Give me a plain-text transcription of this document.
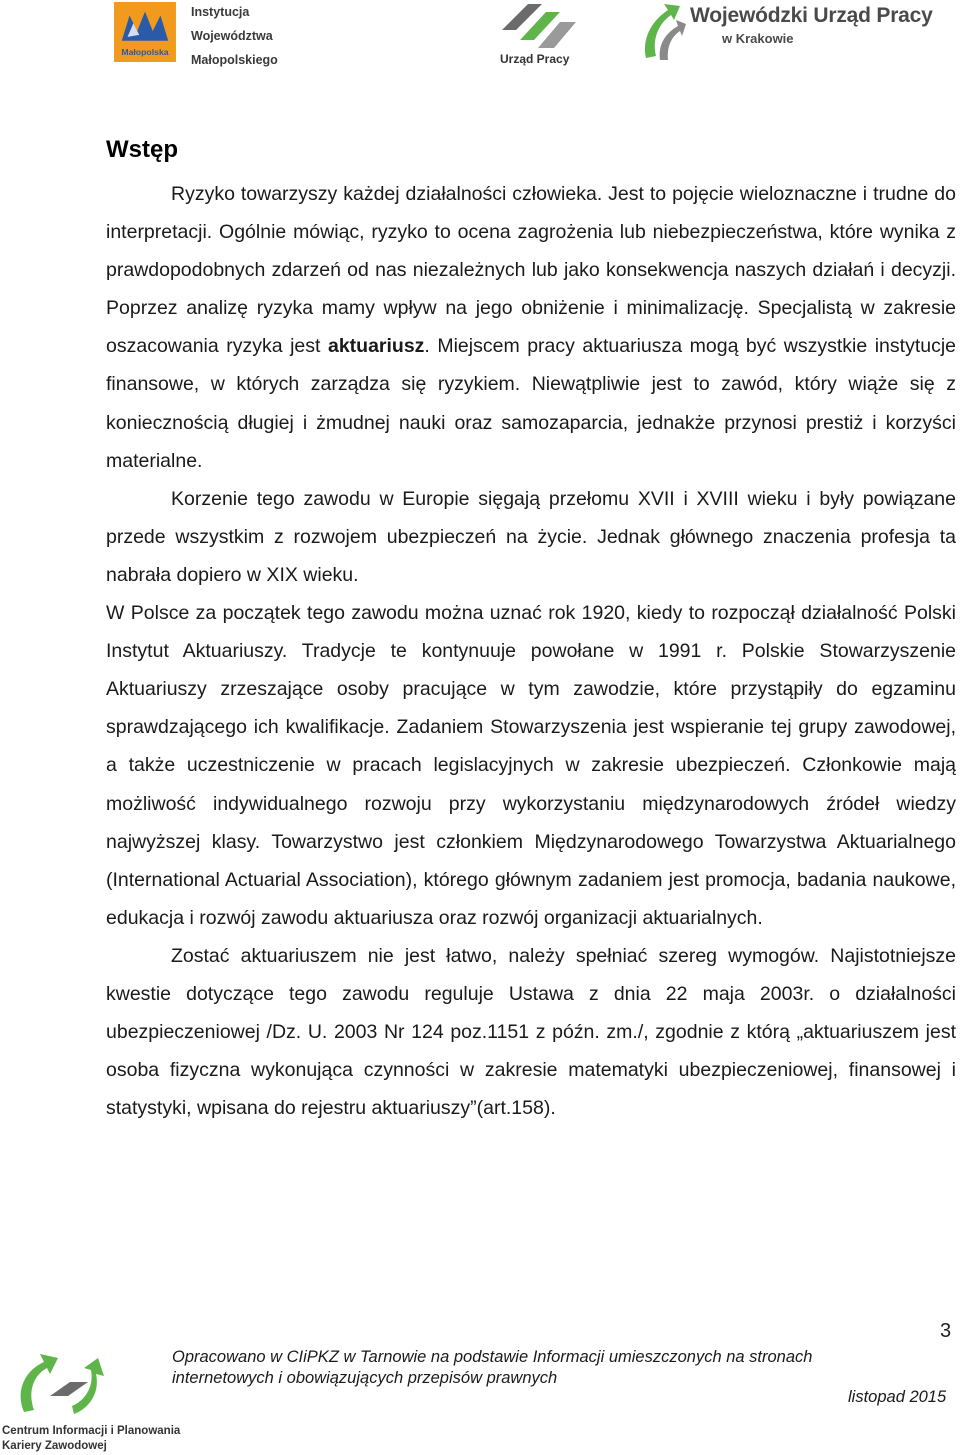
Małopolska
Instytucja
Województwa
Małopolskiego	Urząd Pracy
Wojewódzki Urząd Pracy
w Krakowie
Wstęp

Ryzyko towarzyszy każdej działalności człowieka. Jest to pojęcie wieloznaczne i trudne do interpretacji. Ogólnie mówiąc, ryzyko to ocena zagrożenia lub niebezpieczeństwa, które wynika z prawdopodobnych zdarzeń od nas niezależnych lub jako konsekwencja naszych działań i decyzji. Poprzez analizę ryzyka mamy wpływ na jego obniżenie i minimalizację. Specjalistą w zakresie oszacowania ryzyka jest aktuariusz. Miejscem pracy aktuariusza mogą być wszystkie instytucje finansowe, w których zarządza się ryzykiem. Niewątpliwie jest to zawód, który wiąże się z koniecznością długiej i żmudnej nauki oraz samozaparcia, jednakże przynosi prestiż i korzyści materialne.

Korzenie tego zawodu w Europie sięgają przełomu XVII i XVIII wieku i były powiązane przede wszystkim z rozwojem ubezpieczeń na życie. Jednak głównego znaczenia profesja ta nabrała dopiero w XIX wieku.

W Polsce za początek tego zawodu można uznać rok 1920, kiedy to rozpoczął działalność Polski Instytut Aktuariuszy. Tradycje te kontynuuje powołane w 1991 r. Polskie Stowarzyszenie Aktuariuszy zrzeszające osoby pracujące w tym zawodzie, które przystąpiły do egzaminu sprawdzającego ich kwalifikacje. Zadaniem Stowarzyszenia jest wspieranie tej grupy zawodowej, a także uczestniczenie w pracach legislacyjnych w zakresie ubezpieczeń. Członkowie mają możliwość indywidualnego rozwoju przy wykorzystaniu międzynarodowych źródeł wiedzy najwyższej klasy. Towarzystwo jest członkiem Międzynarodowego Towarzystwa Aktuarialnego (International Actuarial Association), którego głównym zadaniem jest promocja, badania naukowe, edukacja i rozwój zawodu aktuariusza oraz rozwój organizacji aktuarialnych.

Zostać aktuariuszem nie jest łatwo, należy spełniać szereg wymogów. Najistotniejsze kwestie dotyczące tego zawodu reguluje Ustawa z dnia 22 maja 2003r. o działalności ubezpieczeniowej /Dz. U. 2003 Nr 124 poz.1151 z późn. zm./, zgodnie z którą „aktuariuszem jest osoba fizyczna wykonująca czynności w zakresie matematyki ubezpieczeniowej, finansowej i statystyki, wpisana do rejestru aktuariuszy”(art.158).

3
Opracowano w CIiPKZ w Tarnowie na podstawie Informacji umieszczonych na stronach
internetowych i obowiązujących przepisów prawnych
listopad 2015
Centrum Informacji i Planowania
Kariery Zawodowej
